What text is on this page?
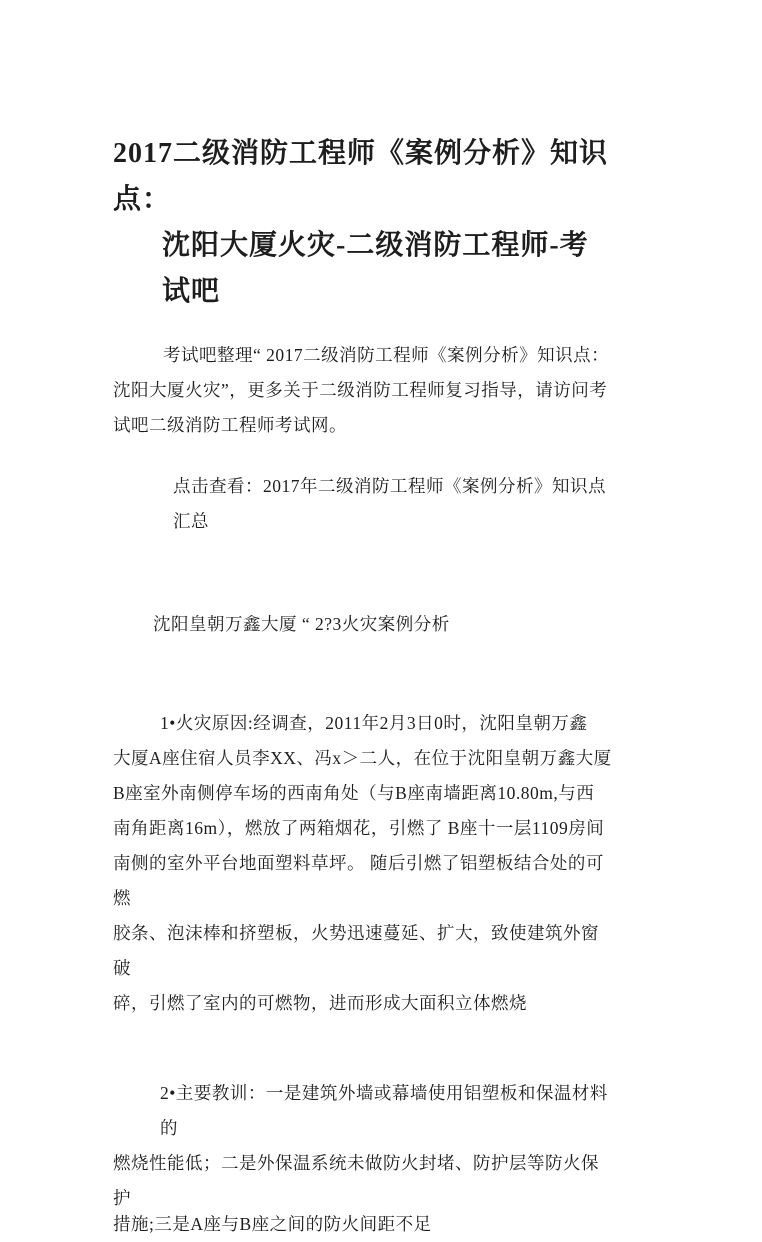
2017二级消防工程师《案例分析》知识点：
沈阳大厦火灾-二级消防工程师-考试吧
考试吧整理“ 2017二级消防工程师《案例分析》知识点：
沈阳大厦火灾”，更多关于二级消防工程师复习指导，请访问考
试吧二级消防工程师考试网。
点击查看：2017年二级消防工程师《案例分析》知识点 汇总
沈阳皇朝万鑫大厦 “ 2?3火灾案例分析
1•火灾原因:经调查，2011年2月3日0时，沈阳皇朝万鑫
大厦A座住宿人员李XX、冯x＞二人，在位于沈阳皇朝万鑫大厦
B座室外南侧停车场的西南角处（与B座南墙距离10.80m,与西
南角距离16m），燃放了两箱烟花，引燃了 B座十一层1109房间
南侧的室外平台地面塑料草坪。 随后引燃了铝塑板结合处的可燃
胶条、泡沫棒和挤塑板，火势迅速蔓延、扩大，致使建筑外窗破
碎，引燃了室内的可燃物，进而形成大面积立体燃烧
2•主要教训：一是建筑外墙或幕墙使用铝塑板和保温材料的
燃烧性能低；二是外保温系统未做防火封堵、防护层等防火保护
措施;三是A座与B座之间的防火间距不足
